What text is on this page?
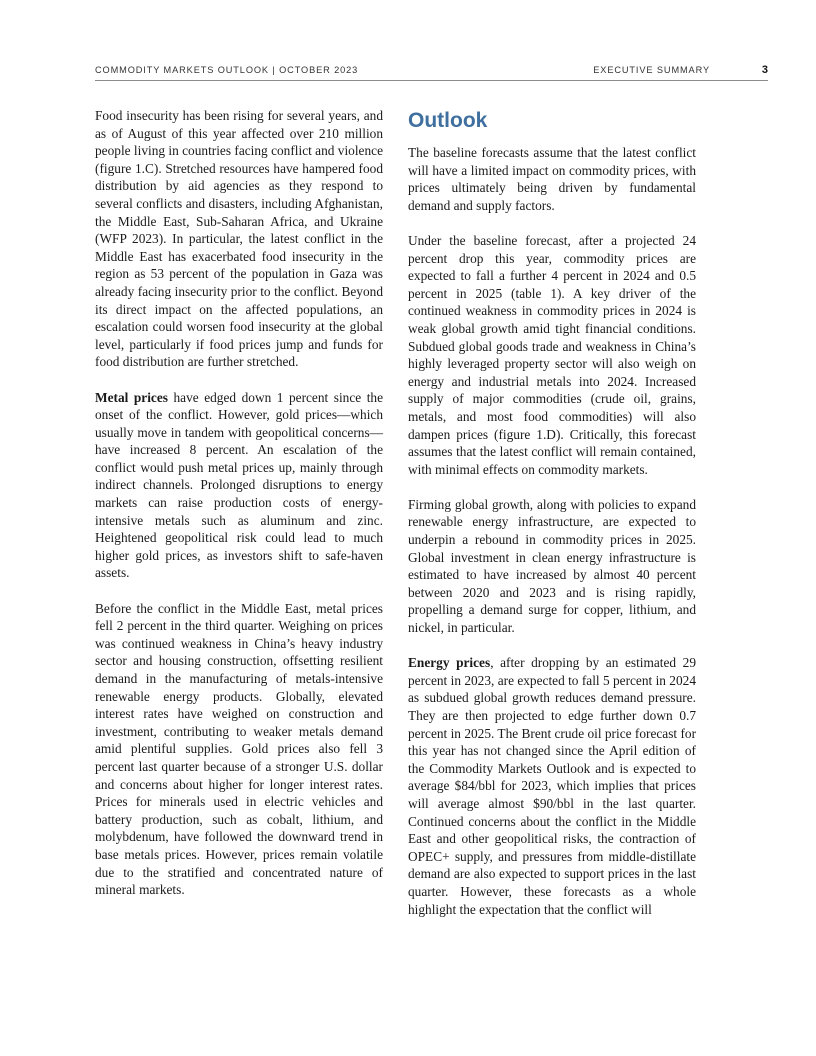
COMMODITY MARKETS OUTLOOK | OCTOBER 2023	EXECUTIVE SUMMARY	3

Food insecurity has been rising for several years, and as of August of this year affected over 210 million people living in countries facing conflict and violence (figure 1.C). Stretched resources have hampered food distribution by aid agencies as they respond to several conflicts and disasters, including Afghanistan, the Middle East, Sub-Saharan Africa, and Ukraine (WFP 2023). In particular, the latest conflict in the Middle East has exacerbated food insecurity in the region as 53 percent of the population in Gaza was already facing insecurity prior to the conflict. Beyond its direct impact on the affected populations, an escalation could worsen food insecurity at the global level, particularly if food prices jump and funds for food distribution are further stretched.

Metal prices have edged down 1 percent since the onset of the conflict. However, gold prices—which usually move in tandem with geopolitical concerns—have increased 8 percent. An escalation of the conflict would push metal prices up, mainly through indirect channels. Prolonged disruptions to energy markets can raise production costs of energy-intensive metals such as aluminum and zinc. Heightened geopolitical risk could lead to much higher gold prices, as investors shift to safe-haven assets.

Before the conflict in the Middle East, metal prices fell 2 percent in the third quarter. Weighing on prices was continued weakness in China’s heavy industry sector and housing construction, offsetting resilient demand in the manufacturing of metals-intensive renewable energy products. Globally, elevated interest rates have weighed on construction and investment, contributing to weaker metals demand amid plentiful supplies. Gold prices also fell 3 percent last quarter because of a stronger U.S. dollar and concerns about higher for longer interest rates. Prices for minerals used in electric vehicles and battery production, such as cobalt, lithium, and molybdenum, have followed the downward trend in base metals prices. However, prices remain volatile due to the stratified and concentrated nature of mineral markets.

Outlook

The baseline forecasts assume that the latest conflict will have a limited impact on commodity prices, with prices ultimately being driven by fundamental demand and supply factors.

Under the baseline forecast, after a projected 24 percent drop this year, commodity prices are expected to fall a further 4 percent in 2024 and 0.5 percent in 2025 (table 1). A key driver of the continued weakness in commodity prices in 2024 is weak global growth amid tight financial conditions. Subdued global goods trade and weakness in China’s highly leveraged property sector will also weigh on energy and industrial metals into 2024. Increased supply of major commodities (crude oil, grains, metals, and most food commodities) will also dampen prices (figure 1.D). Critically, this forecast assumes that the latest conflict will remain contained, with minimal effects on commodity markets.

Firming global growth, along with policies to expand renewable energy infrastructure, are expected to underpin a rebound in commodity prices in 2025. Global investment in clean energy infrastructure is estimated to have increased by almost 40 percent between 2020 and 2023 and is rising rapidly, propelling a demand surge for copper, lithium, and nickel, in particular.

Energy prices, after dropping by an estimated 29 percent in 2023, are expected to fall 5 percent in 2024 as subdued global growth reduces demand pressure. They are then projected to edge further down 0.7 percent in 2025. The Brent crude oil price forecast for this year has not changed since the April edition of the Commodity Markets Outlook and is expected to average $84/bbl for 2023, which implies that prices will average almost $90/bbl in the last quarter. Continued concerns about the conflict in the Middle East and other geopolitical risks, the contraction of OPEC+ supply, and pressures from middle-distillate demand are also expected to support prices in the last quarter. However, these forecasts as a whole highlight the expectation that the conflict will
